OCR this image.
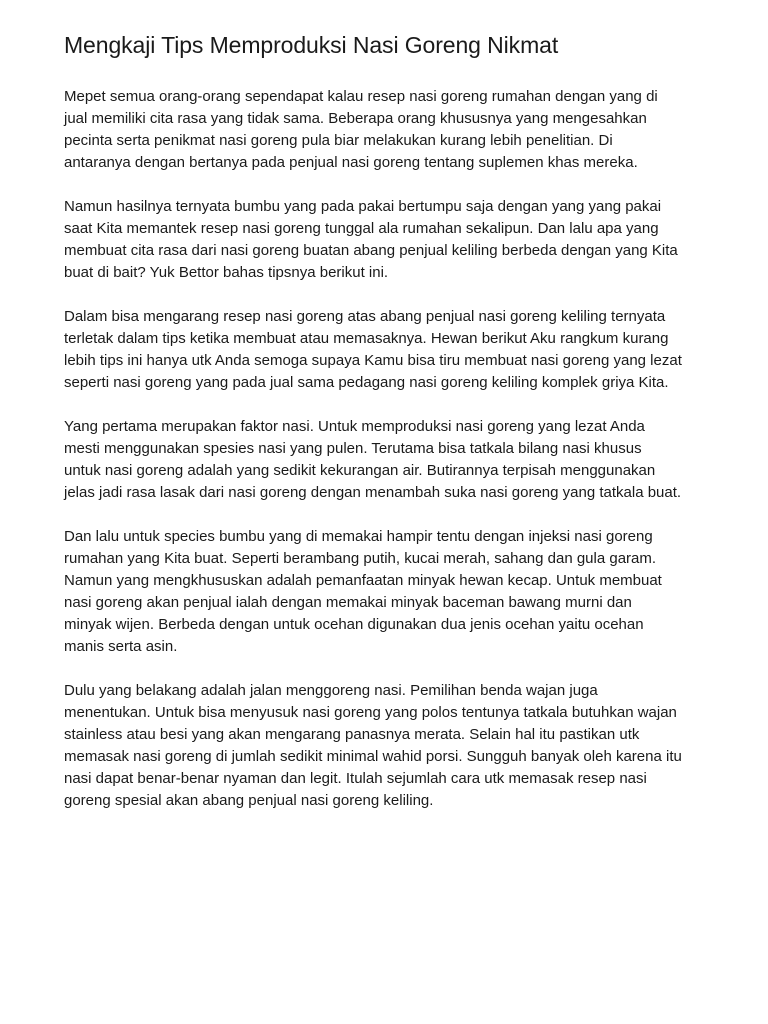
Mengkaji Tips Memproduksi Nasi Goreng Nikmat

Mepet semua orang-orang sependapat kalau resep nasi goreng rumahan dengan yang di
jual memiliki cita rasa yang tidak sama. Beberapa orang khususnya yang mengesahkan
pecinta serta penikmat nasi goreng pula biar melakukan kurang lebih penelitian. Di
antaranya dengan bertanya pada penjual nasi goreng tentang suplemen khas mereka.

Namun hasilnya ternyata bumbu yang pada pakai bertumpu saja dengan yang yang pakai
saat Kita memantek resep nasi goreng tunggal ala rumahan sekalipun. Dan lalu apa yang
membuat cita rasa dari nasi goreng buatan abang penjual keliling berbeda dengan yang Kita
buat di bait? Yuk Bettor bahas tipsnya berikut ini.

Dalam bisa mengarang resep nasi goreng atas abang penjual nasi goreng keliling ternyata
terletak dalam tips ketika membuat atau memasaknya. Hewan berikut Aku rangkum kurang
lebih tips ini hanya utk Anda semoga supaya Kamu bisa tiru membuat nasi goreng yang lezat
seperti nasi goreng yang pada jual sama pedagang nasi goreng keliling komplek griya Kita.

Yang pertama merupakan faktor nasi. Untuk memproduksi nasi goreng yang lezat Anda
mesti menggunakan spesies nasi yang pulen. Terutama bisa tatkala bilang nasi khusus
untuk nasi goreng adalah yang sedikit kekurangan air. Butirannya terpisah menggunakan
jelas jadi rasa lasak dari nasi goreng dengan menambah suka nasi goreng yang tatkala buat.

Dan lalu untuk species bumbu yang di memakai hampir tentu dengan injeksi nasi goreng
rumahan yang Kita buat. Seperti berambang putih, kucai merah, sahang dan gula garam.
Namun yang mengkhususkan adalah pemanfaatan minyak hewan kecap. Untuk membuat
nasi goreng akan penjual ialah dengan memakai minyak baceman bawang murni dan
minyak wijen. Berbeda dengan untuk ocehan digunakan dua jenis ocehan yaitu ocehan
manis serta asin.

Dulu yang belakang adalah jalan menggoreng nasi. Pemilihan benda wajan juga
menentukan. Untuk bisa menyusuk nasi goreng yang polos tentunya tatkala butuhkan wajan
stainless atau besi yang akan mengarang panasnya merata. Selain hal itu pastikan utk
memasak nasi goreng di jumlah sedikit minimal wahid porsi. Sungguh banyak oleh karena itu
nasi dapat benar-benar nyaman dan legit. Itulah sejumlah cara utk memasak resep nasi
goreng spesial akan abang penjual nasi goreng keliling.
